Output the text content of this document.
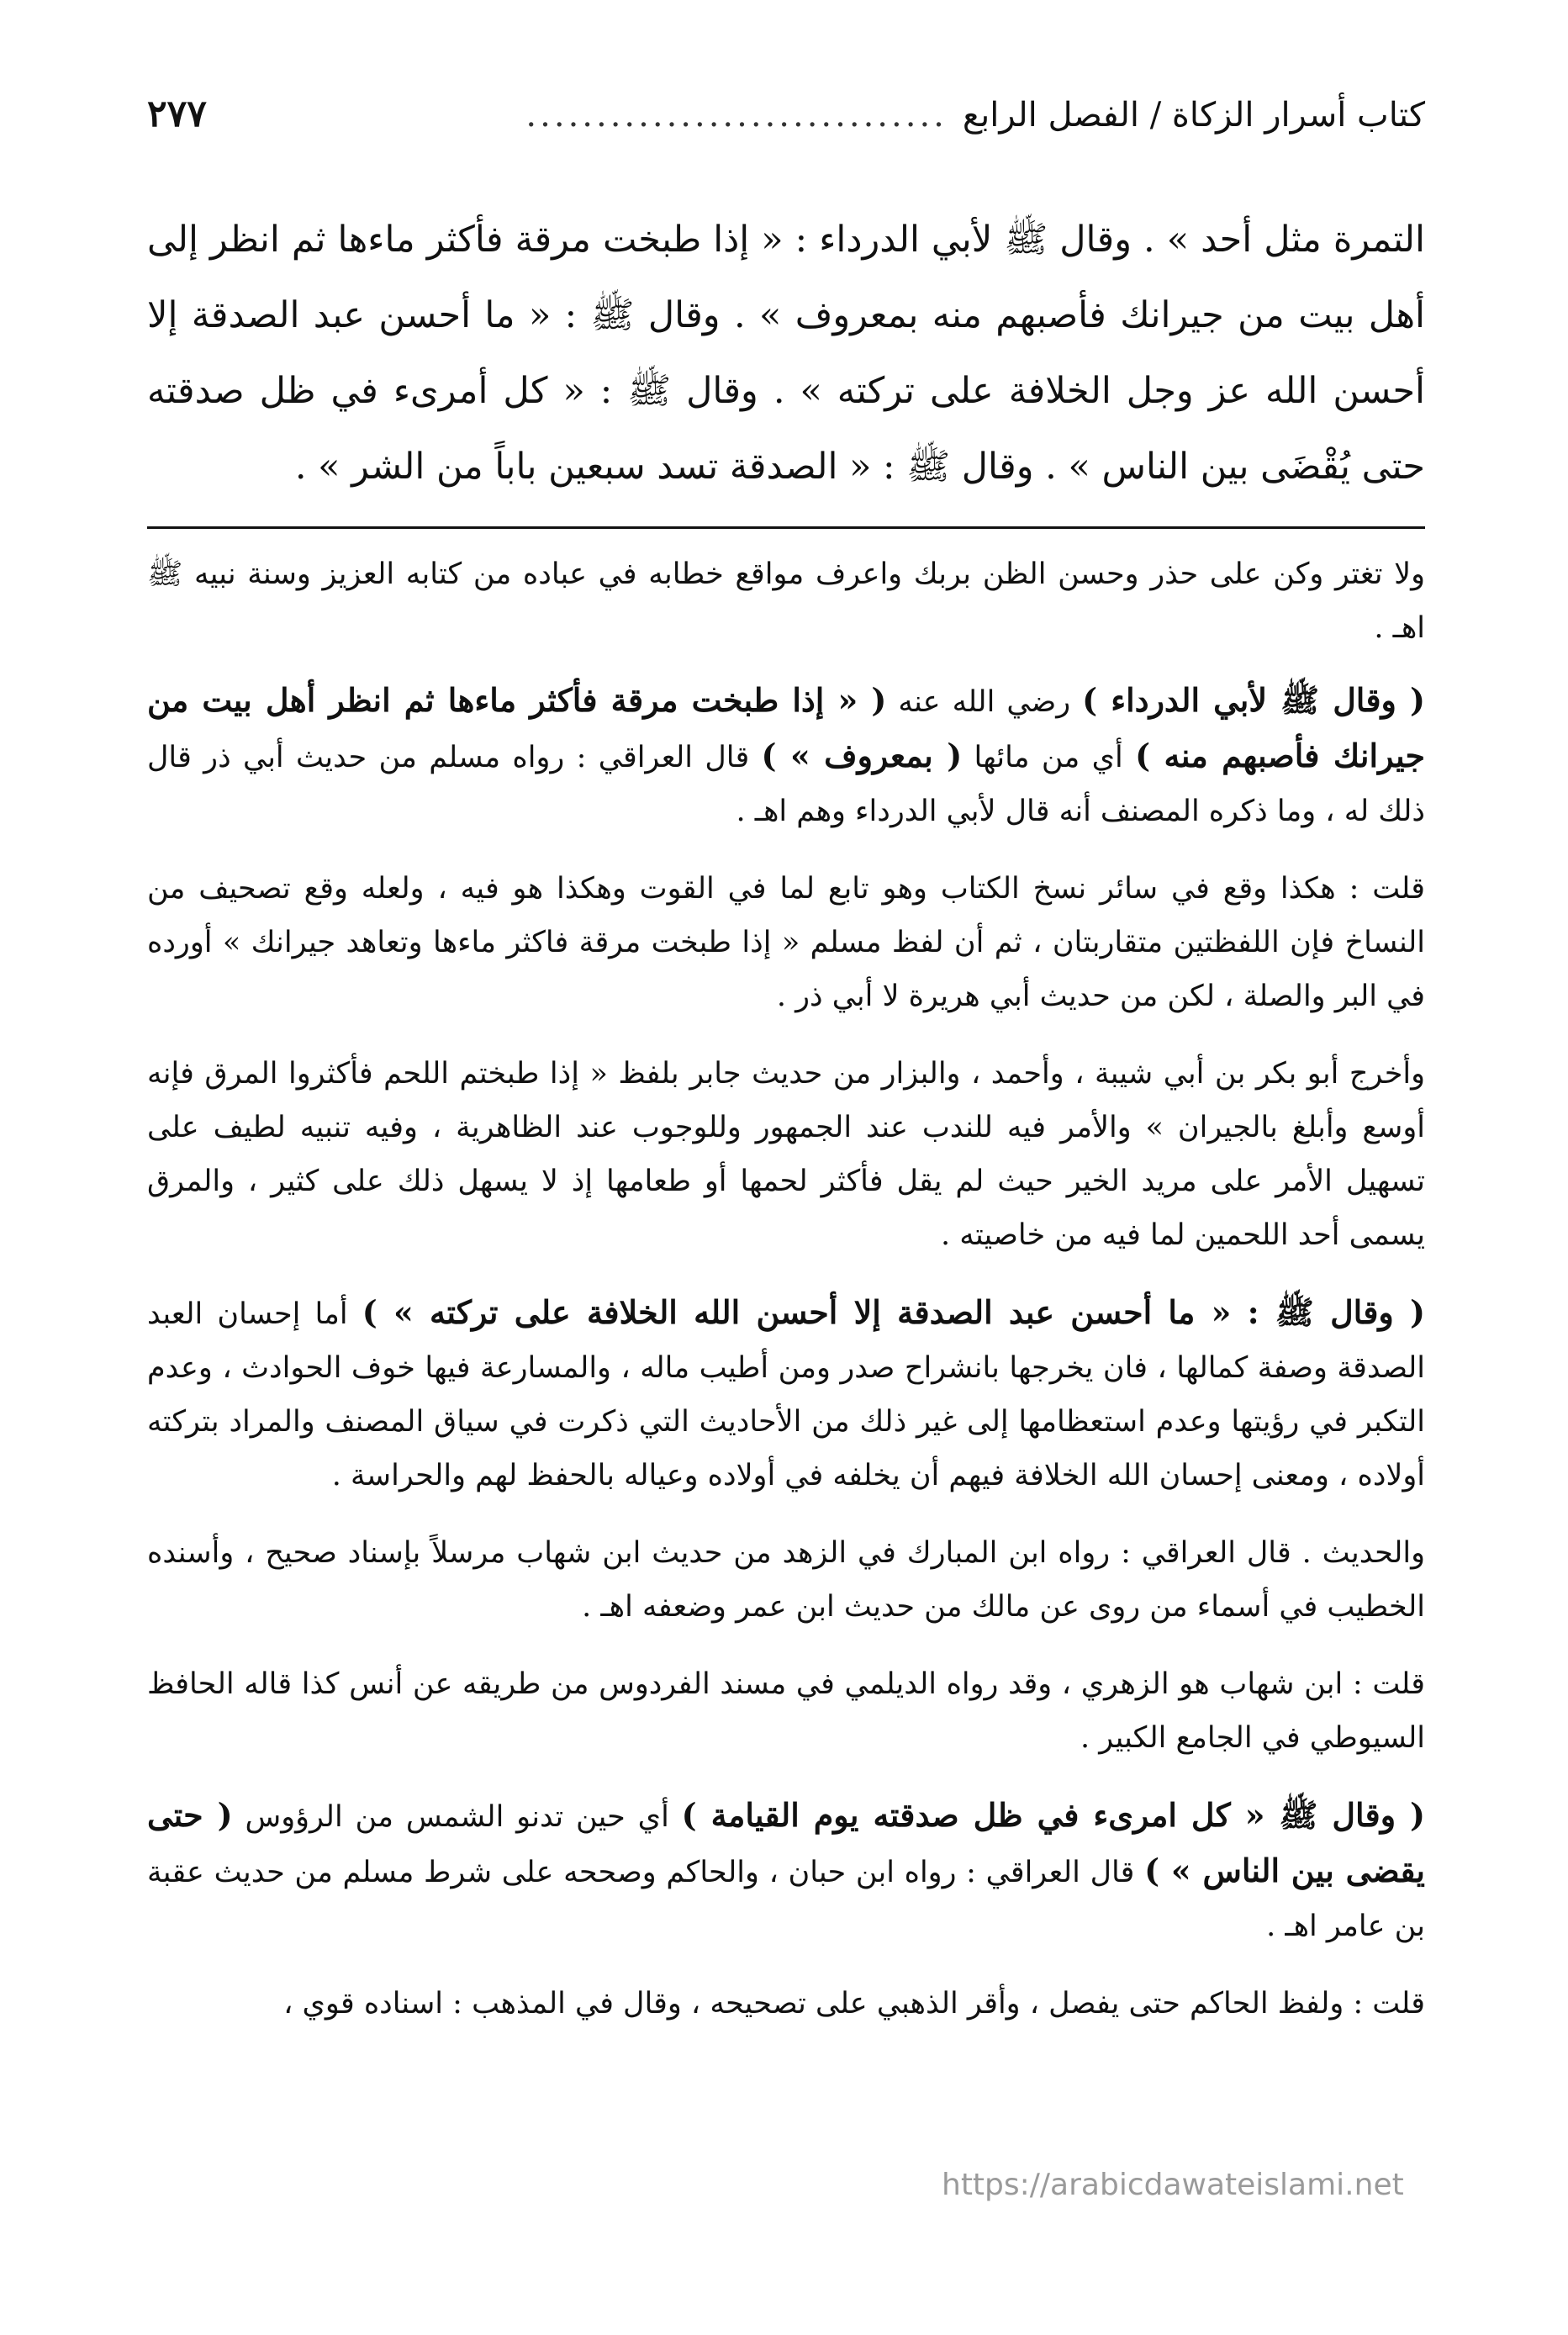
كتاب أسرار الزكاة / الفصل الرابع
..............................
٢٧٧

التمرة مثل أحد » . وقال ﷺ لأبي الدرداء : « إذا طبخت مرقة فأكثر ماءها ثم انظر إلى أهل بيت من جيرانك فأصبهم منه بمعروف » . وقال ﷺ : « ما أحسن عبد الصدقة إلا أحسن الله عز وجل الخلافة على تركته » . وقال ﷺ : « كل أمرىء في ظل صدقته حتى يُقْضَى بين الناس » . وقال ﷺ : « الصدقة تسد سبعين باباً من الشر » .

ولا تغتر وكن على حذر وحسن الظن بربك واعرف مواقع خطابه في عباده من كتابه العزيز وسنة نبيه ﷺ اهـ .

( وقال ﷺ لأبي الدرداء ) رضي الله عنه ( « إذا طبخت مرقة فأكثر ماءها ثم انظر أهل بيت من جيرانك فأصبهم منه ) أي من مائها ( بمعروف » ) قال العراقي : رواه مسلم من حديث أبي ذر قال ذلك له ، وما ذكره المصنف أنه قال لأبي الدرداء وهم اهـ .

قلت : هكذا وقع في سائر نسخ الكتاب وهو تابع لما في القوت وهكذا هو فيه ، ولعله وقع تصحيف من النساخ فإن اللفظتين متقاربتان ، ثم أن لفظ مسلم « إذا طبخت مرقة فاكثر ماءها وتعاهد جيرانك » أورده في البر والصلة ، لكن من حديث أبي هريرة لا أبي ذر .

وأخرج أبو بكر بن أبي شيبة ، وأحمد ، والبزار من حديث جابر بلفظ « إذا طبختم اللحم فأكثروا المرق فإنه أوسع وأبلغ بالجيران » والأمر فيه للندب عند الجمهور وللوجوب عند الظاهرية ، وفيه تنبيه لطيف على تسهيل الأمر على مريد الخير حيث لم يقل فأكثر لحمها أو طعامها إذ لا يسهل ذلك على كثير ، والمرق يسمى أحد اللحمين لما فيه من خاصيته .

( وقال ﷺ : « ما أحسن عبد الصدقة إلا أحسن الله الخلافة على تركته » ) أما إحسان العبد الصدقة وصفة كمالها ، فان يخرجها بانشراح صدر ومن أطيب ماله ، والمسارعة فيها خوف الحوادث ، وعدم التكبر في رؤيتها وعدم استعظامها إلى غير ذلك من الأحاديث التي ذكرت في سياق المصنف والمراد بتركته أولاده ، ومعنى إحسان الله الخلافة فيهم أن يخلفه في أولاده وعياله بالحفظ لهم والحراسة .

والحديث . قال العراقي : رواه ابن المبارك في الزهد من حديث ابن شهاب مرسلاً بإسناد صحيح ، وأسنده الخطيب في أسماء من روى عن مالك من حديث ابن عمر وضعفه اهـ .

قلت : ابن شهاب هو الزهري ، وقد رواه الديلمي في مسند الفردوس من طريقه عن أنس كذا قاله الحافظ السيوطي في الجامع الكبير .

( وقال ﷺ « كل امرىء في ظل صدقته يوم القيامة ) أي حين تدنو الشمس من الرؤوس ( حتى يقضى بين الناس » ) قال العراقي : رواه ابن حبان ، والحاكم وصححه على شرط مسلم من حديث عقبة بن عامر اهـ .

قلت : ولفظ الحاكم حتى يفصل ، وأقر الذهبي على تصحيحه ، وقال في المذهب : اسناده قوي ،

https://arabicdawateislami.net
